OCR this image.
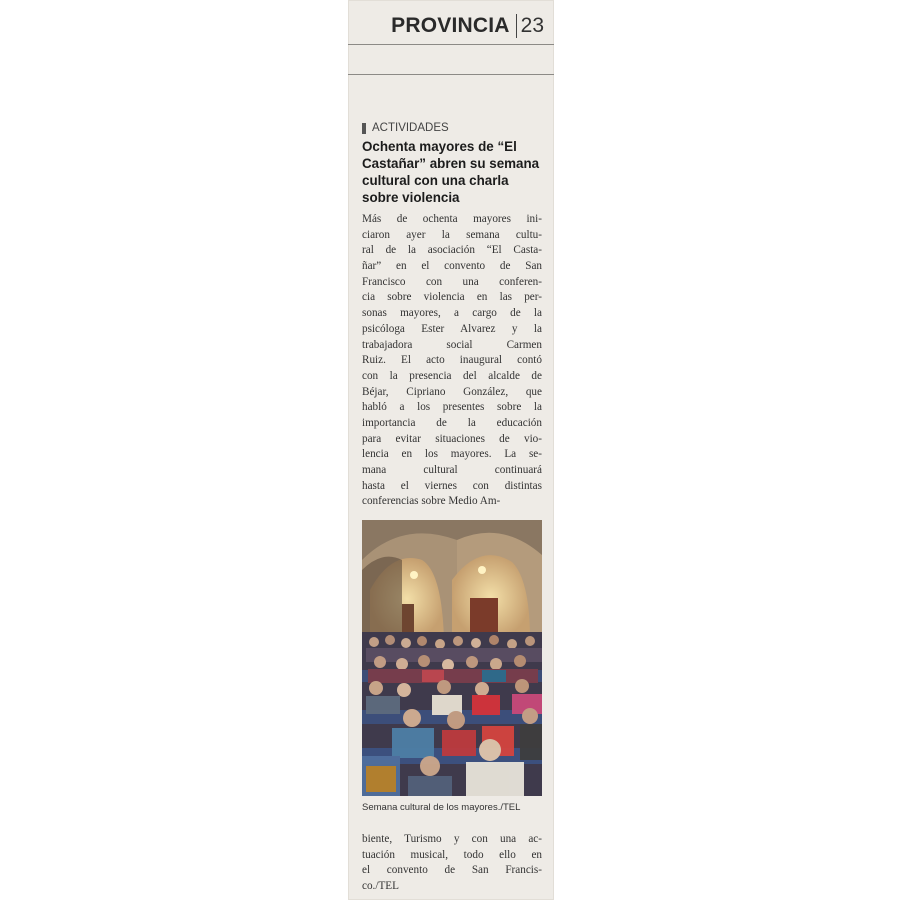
PROVINCIA 23
ACTIVIDADES
Ochenta mayores de “El Castañar” abren su semana cultural con una charla sobre violencia
Más de ochenta mayores ini-
ciaron ayer la semana cultu-
ral de la asociación “El Casta-
ñar” en el convento de San
Francisco con una conferen-
cia sobre violencia en las per-
sonas mayores, a cargo de la
psicóloga Ester Alvarez y la
trabajadora social Carmen
Ruiz. El acto inaugural contó
con la presencia del alcalde de
Béjar, Cipriano González, que
habló a los presentes sobre la
importancia de la educación
para evitar situaciones de vio-
lencia en los mayores. La se-
mana cultural continuará
hasta el viernes con distintas
conferencias sobre Medio Am-
Semana cultural de los mayores./TEL
biente, Turismo y con una ac-
tuación musical, todo ello en
el convento de San Francis-
co./TEL
